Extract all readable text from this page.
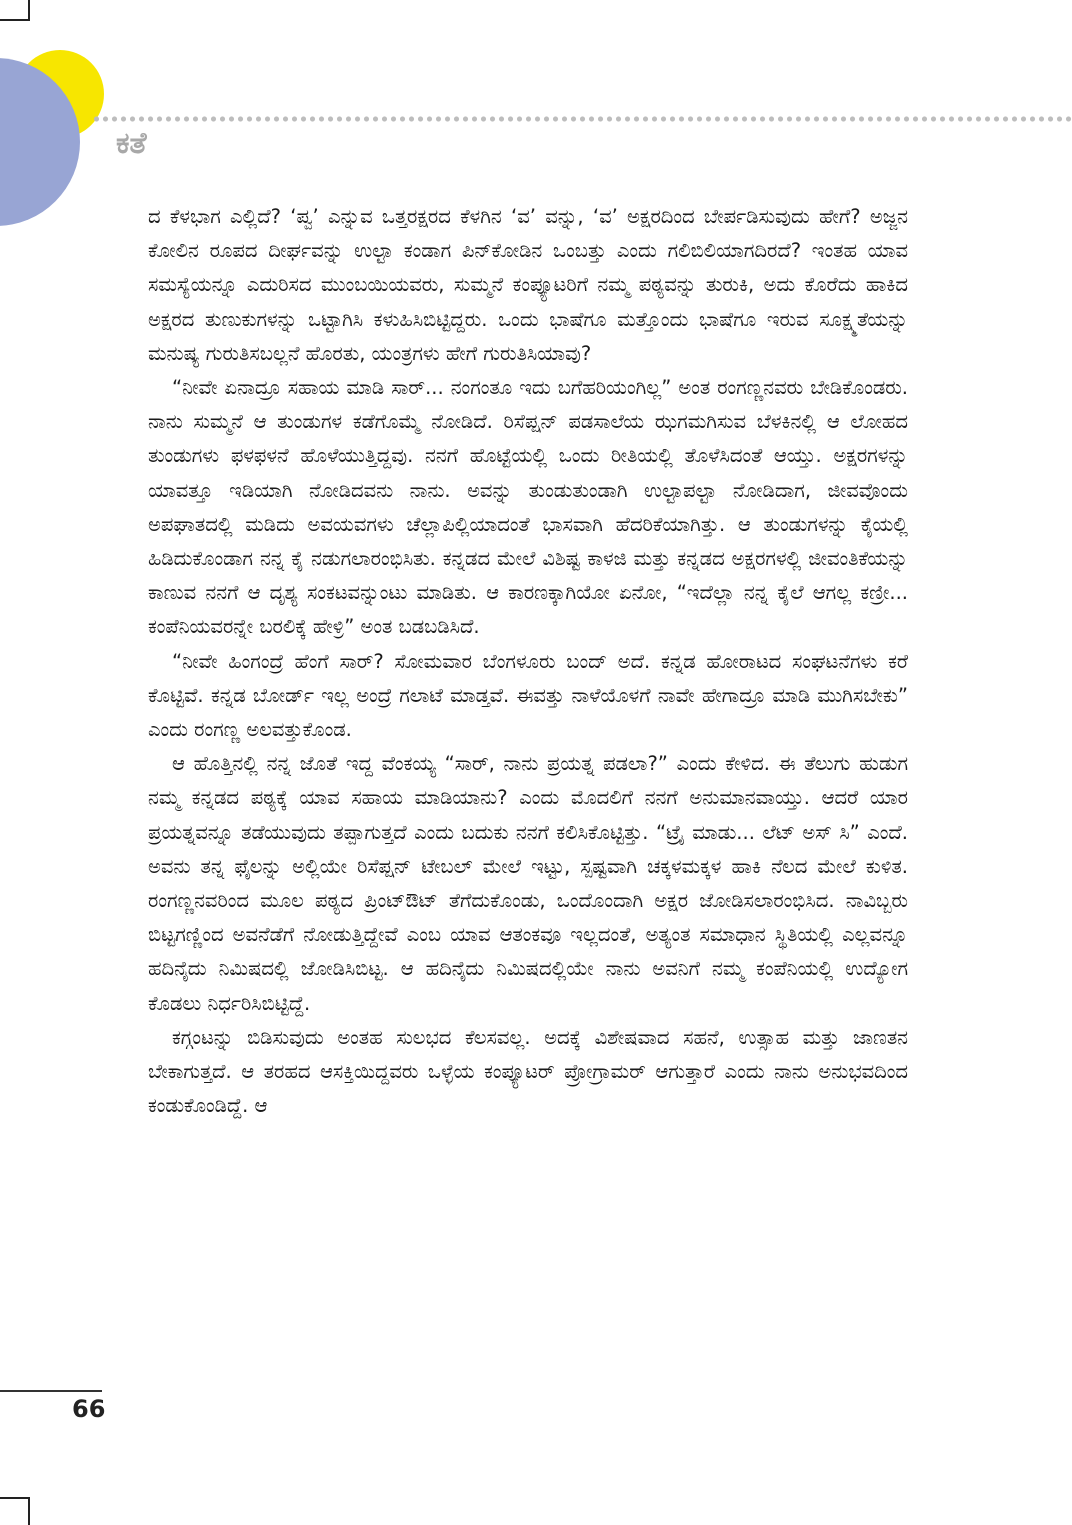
ಕತೆ

ದ ಕೆಳಭಾಗ ಎಲ್ಲಿದೆ? ‘ಪ್ವ’ ಎನ್ನುವ ಒತ್ತರಕ್ಷರದ ಕೆಳಗಿನ ‘ವ’ ವನ್ನು, ‘ವ’ ಅಕ್ಷರದಿಂದ ಬೇರ್ಪಡಿಸುವುದು ಹೇಗೆ? ಅಜ್ಜನ ಕೋಲಿನ ರೂಪದ ದೀರ್ಘವನ್ನು ಉಲ್ಟಾ ಕಂಡಾಗ ಪಿನ್‌ಕೋಡಿನ ಒಂಬತ್ತು ಎಂದು ಗಲಿಬಿಲಿಯಾಗದಿರದೆ? ಇಂತಹ ಯಾವ ಸಮಸ್ಯೆಯನ್ನೂ ಎದುರಿಸದ ಮುಂಬಯಿಯವರು, ಸುಮ್ಮನೆ ಕಂಪ್ಯೂಟರಿಗೆ ನಮ್ಮ ಪಠ್ಯವನ್ನು ತುರುಕಿ, ಅದು ಕೊರೆದು ಹಾಕಿದ ಅಕ್ಷರದ ತುಣುಕುಗಳನ್ನು ಒಟ್ಟಾಗಿಸಿ ಕಳುಹಿಸಿಬಿಟ್ಟಿದ್ದರು. ಒಂದು ಭಾಷೆಗೂ ಮತ್ತೊಂದು ಭಾಷೆಗೂ ಇರುವ ಸೂಕ್ಷ್ಮತೆಯನ್ನು ಮನುಷ್ಯ ಗುರುತಿಸಬಲ್ಲನೆ ಹೊರತು, ಯಂತ್ರಗಳು ಹೇಗೆ ಗುರುತಿಸಿಯಾವು?

“ನೀವೇ ಏನಾದ್ರೂ ಸಹಾಯ ಮಾಡಿ ಸಾರ್... ನಂಗಂತೂ ಇದು ಬಗೆಹರಿಯಂಗಿಲ್ಲ” ಅಂತ ರಂಗಣ್ಣನವರು ಬೇಡಿಕೊಂಡರು. ನಾನು ಸುಮ್ಮನೆ ಆ ತುಂಡುಗಳ ಕಡೆಗೊಮ್ಮೆ ನೋಡಿದೆ. ರಿಸೆಪ್ಷನ್ ಪಡಸಾಲೆಯ ಝಗಮಗಿಸುವ ಬೆಳಕಿನಲ್ಲಿ ಆ ಲೋಹದ ತುಂಡುಗಳು ಫಳಫಳನೆ ಹೊಳೆಯುತ್ತಿದ್ದವು. ನನಗೆ ಹೊಟ್ಟೆಯಲ್ಲಿ ಒಂದು ರೀತಿಯಲ್ಲಿ ತೊಳೆಸಿದಂತೆ ಆಯ್ತು. ಅಕ್ಷರಗಳನ್ನು ಯಾವತ್ತೂ ಇಡಿಯಾಗಿ ನೋಡಿದವನು ನಾನು. ಅವನ್ನು ತುಂಡುತುಂಡಾಗಿ ಉಲ್ಟಾಪಲ್ಟಾ ನೋಡಿದಾಗ, ಜೀವವೊಂದು ಅಪಘಾತದಲ್ಲಿ ಮಡಿದು ಅವಯವಗಳು ಚೆಲ್ಲಾಪಿಲ್ಲಿಯಾದಂತೆ ಭಾಸವಾಗಿ ಹೆದರಿಕೆಯಾಗಿತ್ತು. ಆ ತುಂಡುಗಳನ್ನು ಕೈಯಲ್ಲಿ ಹಿಡಿದುಕೊಂಡಾಗ ನನ್ನ ಕೈ ನಡುಗಲಾರಂಭಿಸಿತು. ಕನ್ನಡದ ಮೇಲೆ ವಿಶಿಷ್ಟ ಕಾಳಜಿ ಮತ್ತು ಕನ್ನಡದ ಅಕ್ಷರಗಳಲ್ಲಿ ಜೀವಂತಿಕೆಯನ್ನು ಕಾಣುವ ನನಗೆ ಆ ದೃಶ್ಯ ಸಂಕಟವನ್ನುಂಟು ಮಾಡಿತು. ಆ ಕಾರಣಕ್ಕಾಗಿಯೋ ಏನೋ, “ಇದೆಲ್ಲಾ ನನ್ನ ಕೈಲೆ ಆಗಲ್ಲ ಕಣ್ರೀ... ಕಂಪೆನಿಯವರನ್ನೇ ಬರಲಿಕ್ಕೆ ಹೇಳ್ರಿ” ಅಂತ ಬಡಬಡಿಸಿದೆ.

“ನೀವೇ ಹಿಂಗಂದ್ರೆ ಹೆಂಗೆ ಸಾರ್? ಸೋಮವಾರ ಬೆಂಗಳೂರು ಬಂದ್ ಅದೆ. ಕನ್ನಡ ಹೋರಾಟದ ಸಂಘಟನೆಗಳು ಕರೆ ಕೊಟ್ಟಿವೆ. ಕನ್ನಡ ಬೋರ್ಡ್ ಇಲ್ಲ ಅಂದ್ರೆ ಗಲಾಟೆ ಮಾಡ್ತವೆ. ಈವತ್ತು ನಾಳೆಯೊಳಗೆ ನಾವೇ ಹೇಗಾದ್ರೂ ಮಾಡಿ ಮುಗಿಸಬೇಕು” ಎಂದು ರಂಗಣ್ಣ ಅಲವತ್ತುಕೊಂಡ.

ಆ ಹೊತ್ತಿನಲ್ಲಿ ನನ್ನ ಜೊತೆ ಇದ್ದ ವೆಂಕಯ್ಯ “ಸಾರ್, ನಾನು ಪ್ರಯತ್ನ ಪಡಲಾ?” ಎಂದು ಕೇಳಿದ. ಈ ತೆಲುಗು ಹುಡುಗ ನಮ್ಮ ಕನ್ನಡದ ಪಠ್ಯಕ್ಕೆ ಯಾವ ಸಹಾಯ ಮಾಡಿಯಾನು? ಎಂದು ಮೊದಲಿಗೆ ನನಗೆ ಅನುಮಾನವಾಯ್ತು. ಆದರೆ ಯಾರ ಪ್ರಯತ್ನವನ್ನೂ ತಡೆಯುವುದು ತಪ್ಪಾಗುತ್ತದೆ ಎಂದು ಬದುಕು ನನಗೆ ಕಲಿಸಿಕೊಟ್ಟಿತ್ತು. “ಟ್ರೈ ಮಾಡು... ಲೆಟ್ ಅಸ್ ಸಿ” ಎಂದೆ. ಅವನು ತನ್ನ ಫೈಲನ್ನು ಅಲ್ಲಿಯೇ ರಿಸೆಪ್ಷನ್ ಟೇಬಲ್ ಮೇಲೆ ಇಟ್ಟು, ಸ್ಪಷ್ಟವಾಗಿ ಚಕ್ಕಳಮಕ್ಕಳ ಹಾಕಿ ನೆಲದ ಮೇಲೆ ಕುಳಿತ. ರಂಗಣ್ಣನವರಿಂದ ಮೂಲ ಪಠ್ಯದ ಪ್ರಿಂಟ್‌ಔಟ್ ತೆಗೆದುಕೊಂಡು, ಒಂದೊಂದಾಗಿ ಅಕ್ಷರ ಜೋಡಿಸಲಾರಂಭಿಸಿದ. ನಾವಿಬ್ಬರು ಬಿಟ್ಟಗಣ್ಣಿಂದ ಅವನೆಡೆಗೆ ನೋಡುತ್ತಿದ್ದೇವೆ ಎಂಬ ಯಾವ ಆತಂಕವೂ ಇಲ್ಲದಂತೆ, ಅತ್ಯಂತ ಸಮಾಧಾನ ಸ್ಥಿತಿಯಲ್ಲಿ ಎಲ್ಲವನ್ನೂ ಹದಿನೈದು ನಿಮಿಷದಲ್ಲಿ ಜೋಡಿಸಿಬಿಟ್ಟ. ಆ ಹದಿನೈದು ನಿಮಿಷದಲ್ಲಿಯೇ ನಾನು ಅವನಿಗೆ ನಮ್ಮ ಕಂಪೆನಿಯಲ್ಲಿ ಉದ್ಯೋಗ ಕೊಡಲು ನಿರ್ಧರಿಸಿಬಿಟ್ಟಿದ್ದೆ.

ಕಗ್ಗಂಟನ್ನು ಬಿಡಿಸುವುದು ಅಂತಹ ಸುಲಭದ ಕೆಲಸವಲ್ಲ. ಅದಕ್ಕೆ ವಿಶೇಷವಾದ ಸಹನೆ, ಉತ್ಸಾಹ ಮತ್ತು ಜಾಣತನ ಬೇಕಾಗುತ್ತದೆ. ಆ ತರಹದ ಆಸಕ್ತಿಯಿದ್ದವರು ಒಳ್ಳೆಯ ಕಂಪ್ಯೂಟರ್ ಪ್ರೋಗ್ರಾಮರ್ ಆಗುತ್ತಾರೆ ಎಂದು ನಾನು ಅನುಭವದಿಂದ ಕಂಡುಕೊಂಡಿದ್ದೆ. ಆ

66
